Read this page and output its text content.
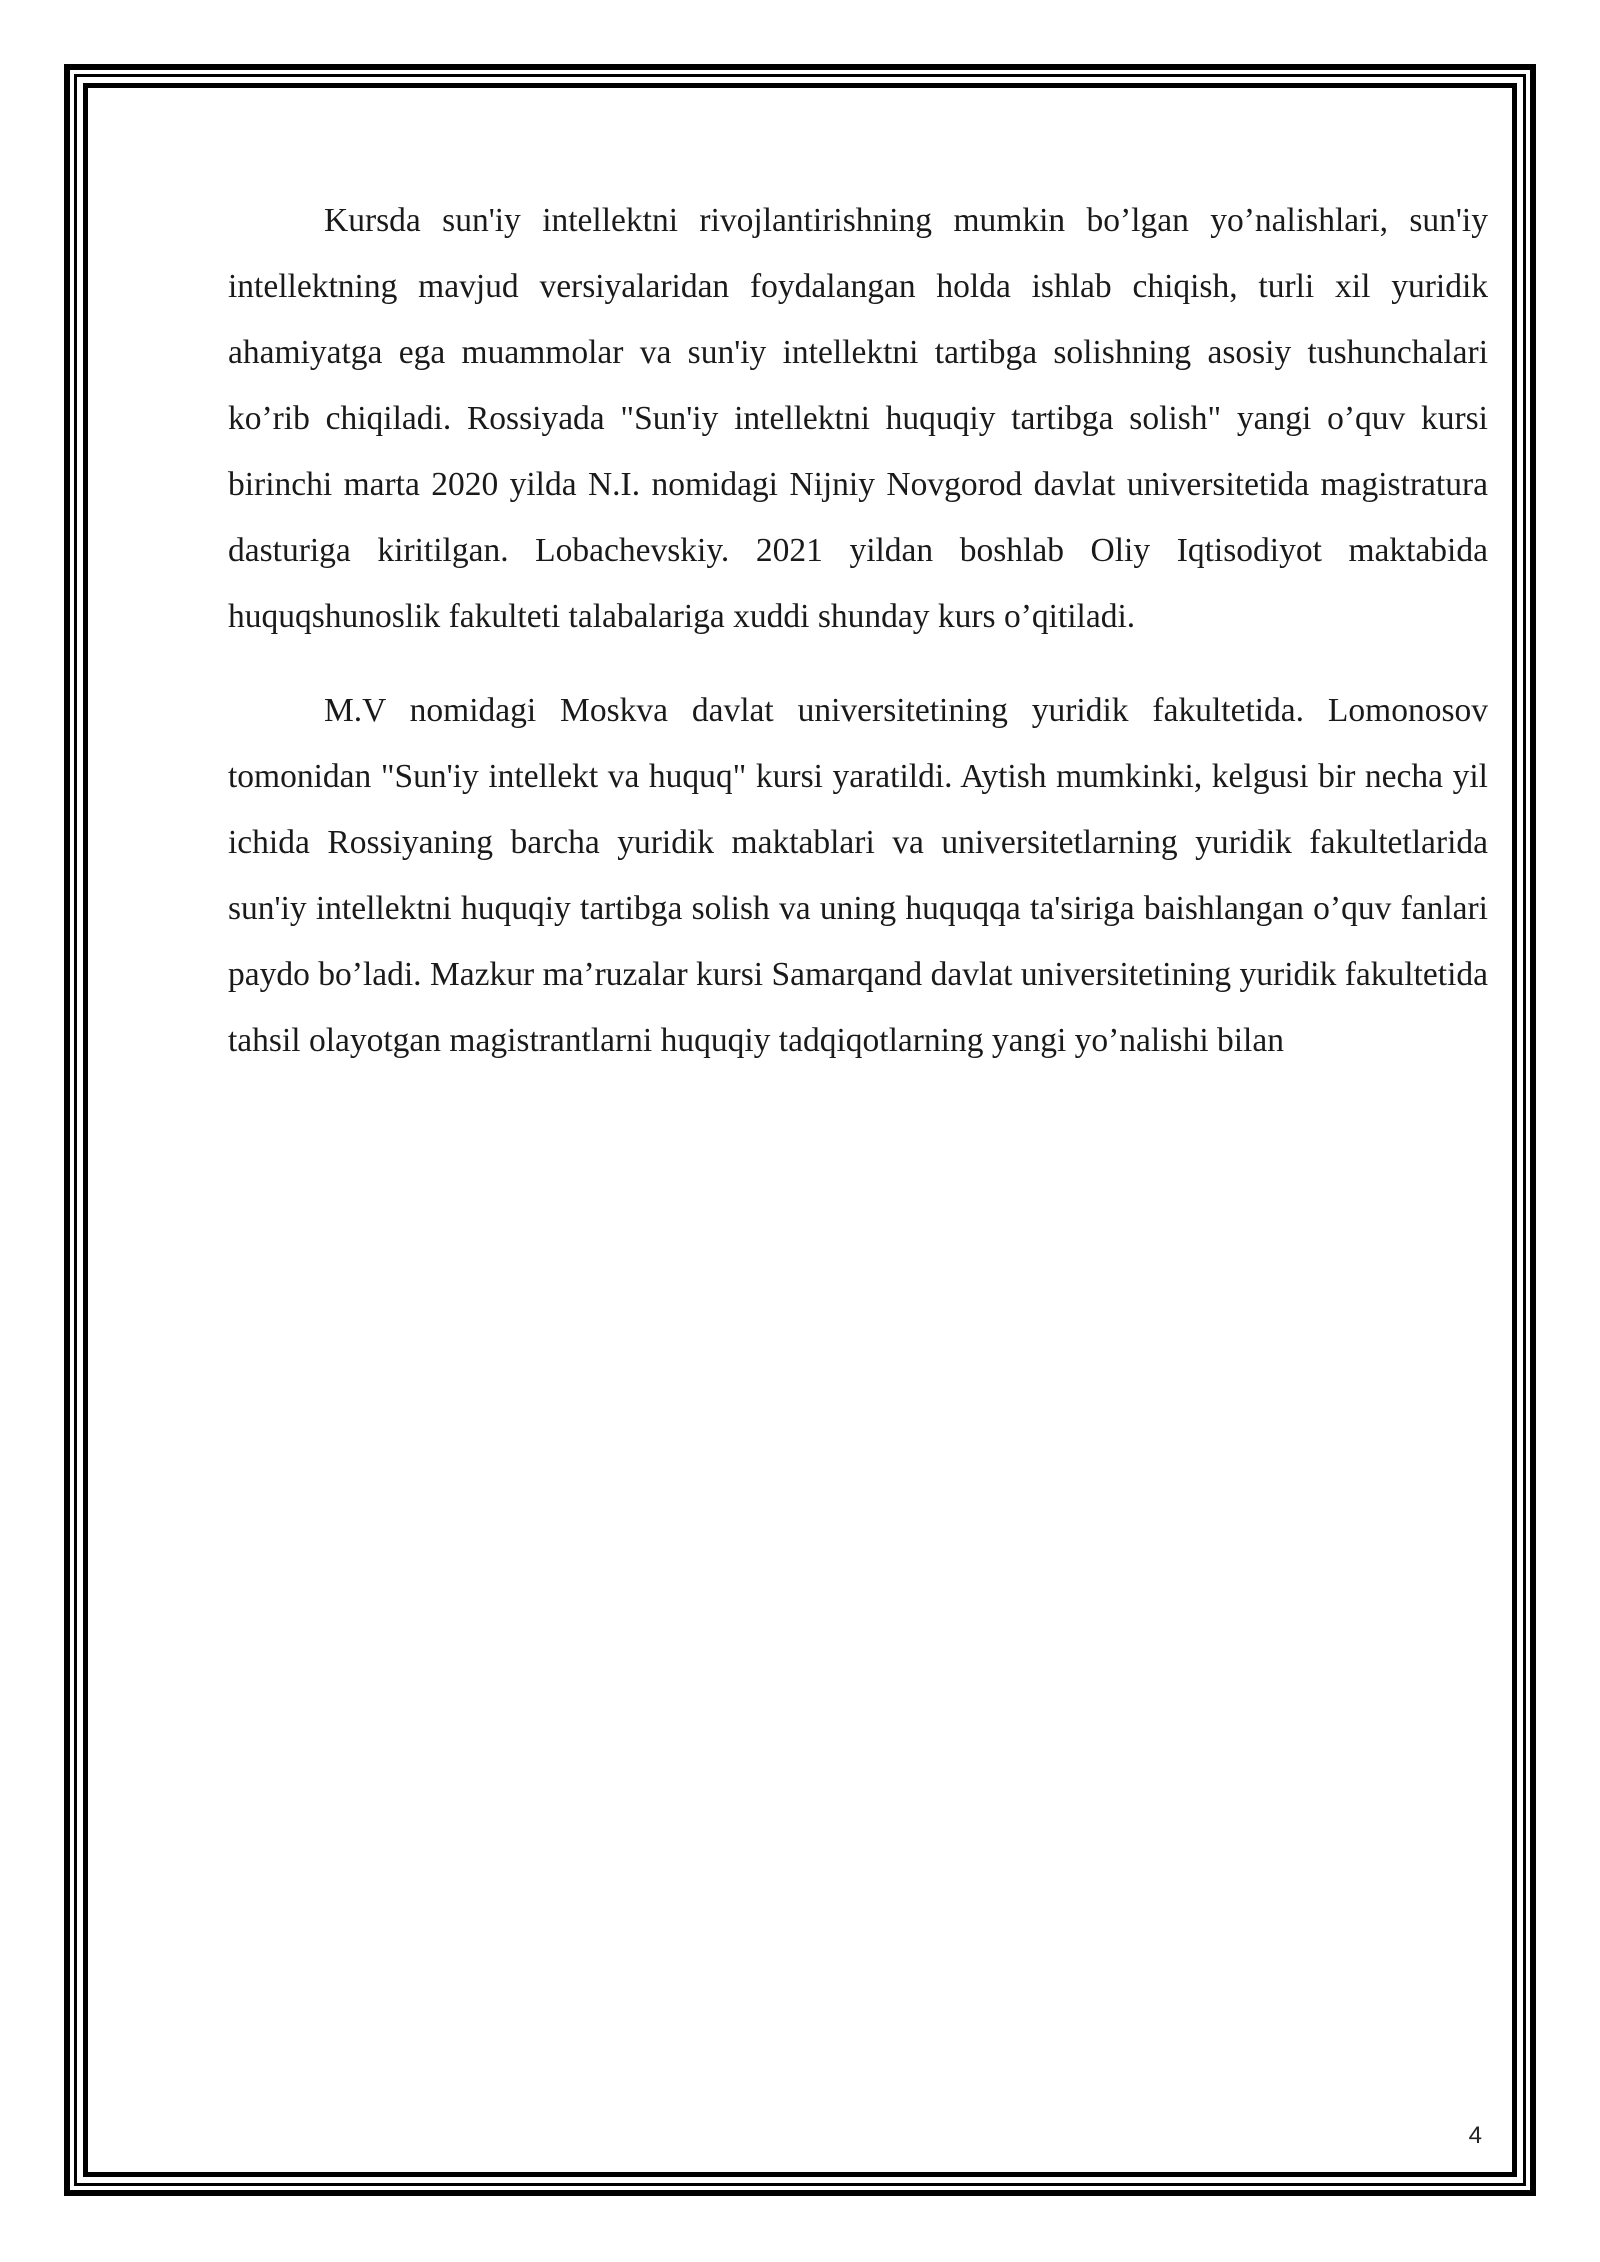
Kursda sun'iy intellektni rivojlantirishning mumkin bo’lgan yo’nalishlari, sun'iy intellektning mavjud versiyalaridan foydalangan holda ishlab chiqish, turli xil yuridik ahamiyatga ega muammolar va sun'iy intellektni tartibga solishning asosiy tushunchalari ko’rib chiqiladi. Rossiyada "Sun'iy intellektni huquqiy tartibga solish" yangi o’quv kursi birinchi marta 2020 yilda N.I. nomidagi Nijniy Novgorod davlat universitetida magistratura dasturiga kiritilgan. Lobachevskiy. 2021 yildan boshlab Oliy Iqtisodiyot maktabida huquqshunoslik fakulteti talabalariga xuddi shunday kurs o’qitiladi.

M.V nomidagi Moskva davlat universitetining yuridik fakultetida. Lomonosov tomonidan "Sun'iy intellekt va huquq" kursi yaratildi. Aytish mumkinki, kelgusi bir necha yil ichida Rossiyaning barcha yuridik maktablari va universitetlarning yuridik fakultetlarida sun'iy intellektni huquqiy tartibga solish va uning huquqqa ta'siriga baishlangan o’quv fanlari paydo bo’ladi. Mazkur ma’ruzalar kursi Samarqand davlat universitetining yuridik fakultetida tahsil olayotgan magistrantlarni huquqiy tadqiqotlarning yangi yo’nalishi bilan

4
